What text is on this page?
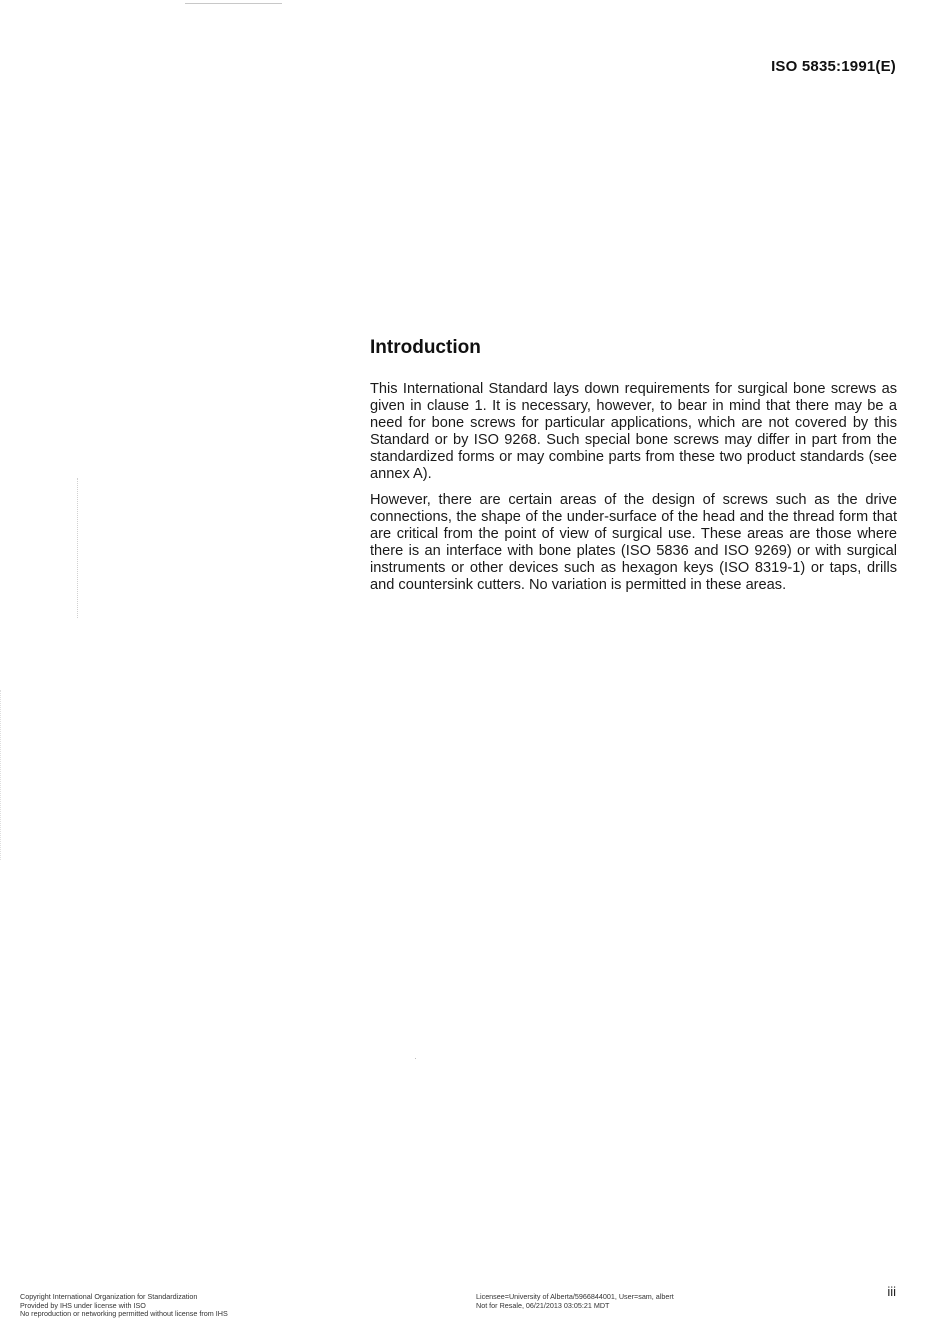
ISO 5835:1991(E)
Introduction

This International Standard lays down requirements for surgical bone screws as given in clause 1. It is necessary, however, to bear in mind that there may be a need for bone screws for particular applications, which are not covered by this Standard or by ISO 9268. Such special bone screws may differ in part from the standardized forms or may combine parts from these two product standards (see annex A).

However, there are certain areas of the design of screws such as the drive connections, the shape of the under-surface of the head and the thread form that are critical from the point of view of surgical use. These areas are those where there is an interface with bone plates (ISO 5836 and ISO 9269) or with surgical instruments or other devices such as hexagon keys (ISO 8319-1) or taps, drills and countersink cutters. No variation is permitted in these areas.

iii
Copyright International Organization for Standardization
Provided by IHS under license with ISO
No reproduction or networking permitted without license from IHS
Licensee=University of Alberta/5966844001, User=sam, albert
Not for Resale, 06/21/2013 03:05:21 MDT
